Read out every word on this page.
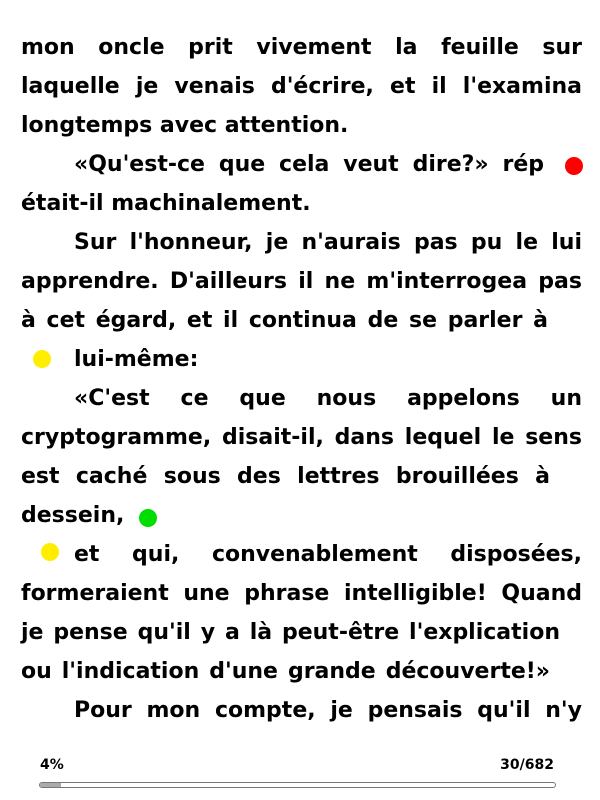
mon oncle prit vivement la feuille sur

laquelle je venais d'écrire, et il l'examina

longtemps avec attention.

«Qu'est-ce que cela veut dire?» rép

était-il machinalement.

Sur l'honneur, je n'aurais pas pu le lui

apprendre. D'ailleurs il ne m'interrogea pas

à cet égard, et il continua de se parler à

lui-même:

«C'est ce que nous appelons un

cryptogramme, disait-il, dans lequel le sens

est caché sous des lettres brouillées à

dessein,

et qui, convenablement disposées,

formeraient une phrase intelligible! Quand

je pense qu'il y a là peut-être l'explication

ou l'indication d'une grande découverte!»

Pour mon compte, je pensais qu'il n'y

4%	30/682
